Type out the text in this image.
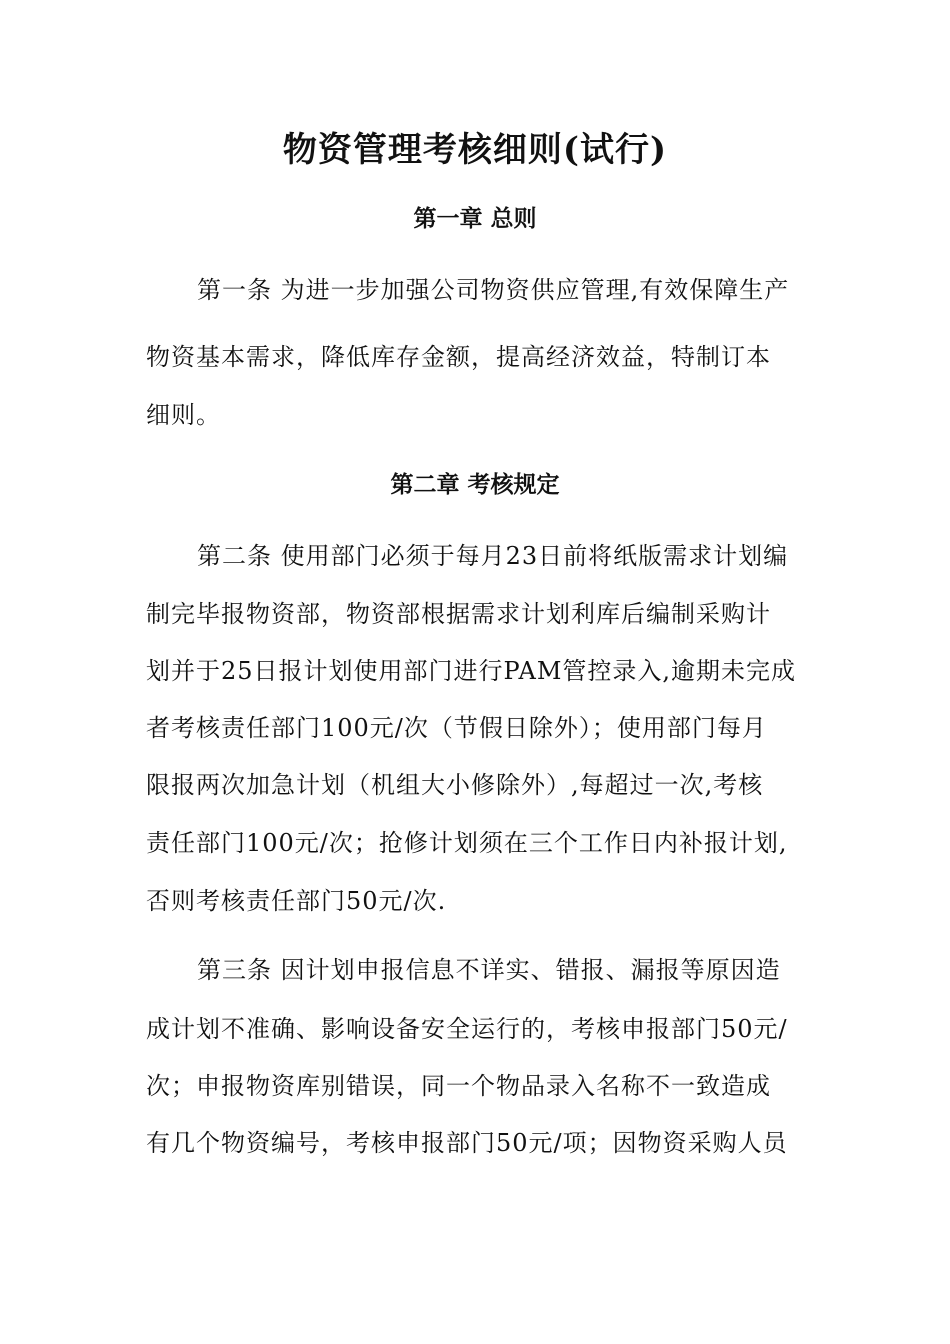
物资管理考核细则(试行)
第一章 总则
第一条 为进一步加强公司物资供应管理,有效保障生产
物资基本需求，降低库存金额，提高经济效益，特制订本
细则。
第二章 考核规定
第二条 使用部门必须于每月23日前将纸版需求计划编
制完毕报物资部，物资部根据需求计划利库后编制采购计
划并于25日报计划使用部门进行PAM管控录入,逾期未完成
者考核责任部门100元/次（节假日除外）；使用部门每月
限报两次加急计划（机组大小修除外）,每超过一次,考核
责任部门100元/次；抢修计划须在三个工作日内补报计划,
否则考核责任部门50元/次.
第三条 因计划申报信息不详实、错报、漏报等原因造
成计划不准确、影响设备安全运行的，考核申报部门50元/
次；申报物资库别错误，同一个物品录入名称不一致造成
有几个物资编号，考核申报部门50元/项；因物资采购人员
